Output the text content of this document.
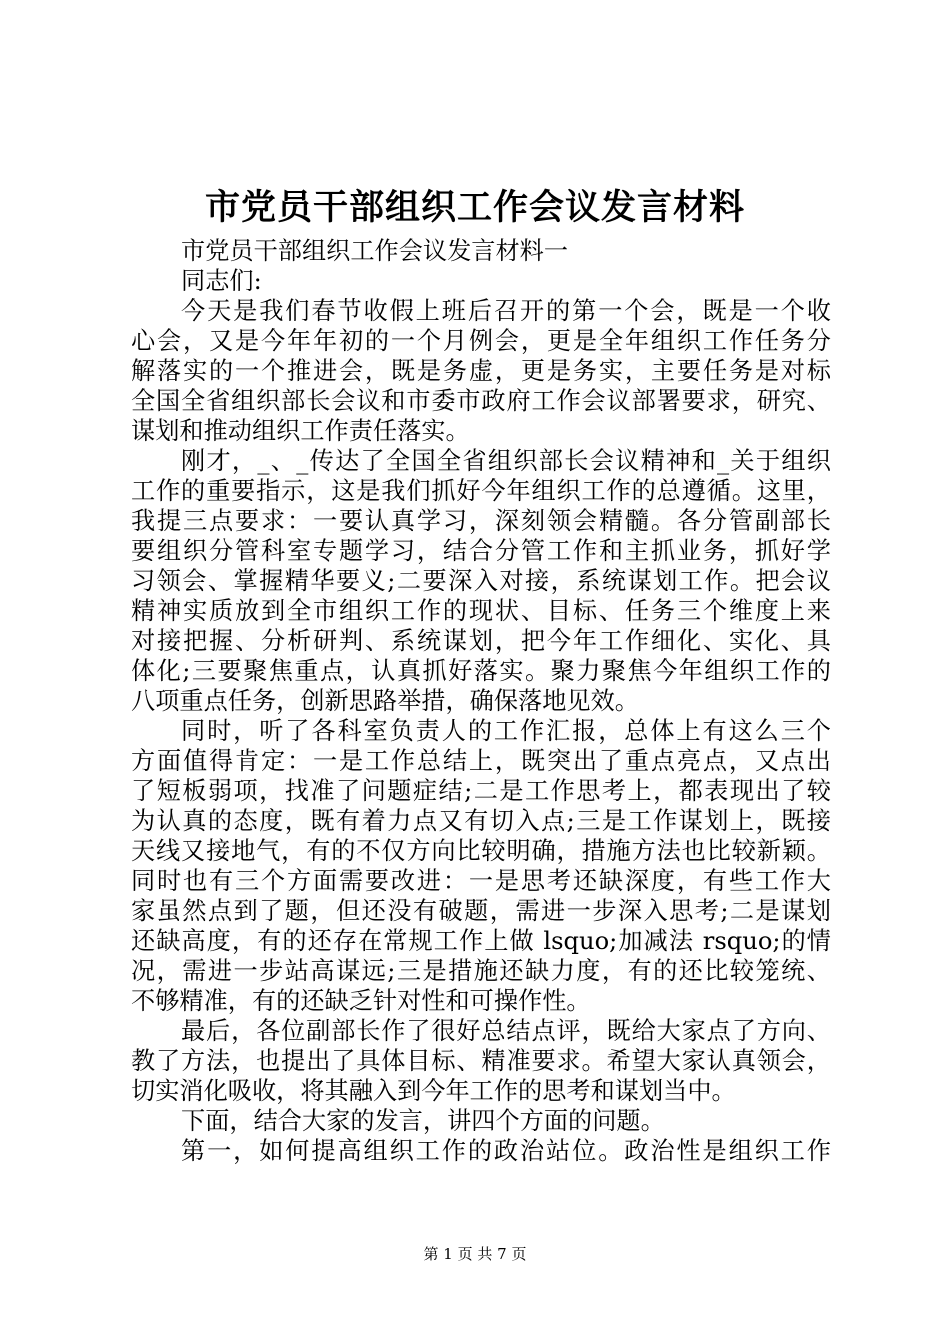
市党员干部组织工作会议发言材料
市党员干部组织工作会议发言材料一
同志们:
今天是我们春节收假上班后召开的第一个会，既是一个收
心会，又是今年年初的一个月例会，更是全年组织工作任务分
解落实的一个推进会，既是务虚，更是务实，主要任务是对标
全国全省组织部长会议和市委市政府工作会议部署要求，研究、
谋划和推动组织工作责任落实。
刚才，_、_传达了全国全省组织部长会议精神和_关于组织
工作的重要指示，这是我们抓好今年组织工作的总遵循。这里，
我提三点要求：一要认真学习，深刻领会精髓。各分管副部长
要组织分管科室专题学习，结合分管工作和主抓业务，抓好学
习领会、掌握精华要义;二要深入对接，系统谋划工作。把会议
精神实质放到全市组织工作的现状、目标、任务三个维度上来
对接把握、分析研判、系统谋划，把今年工作细化、实化、具
体化;三要聚焦重点，认真抓好落实。聚力聚焦今年组织工作的
八项重点任务，创新思路举措，确保落地见效。
同时，听了各科室负责人的工作汇报，总体上有这么三个
方面值得肯定：一是工作总结上，既突出了重点亮点，又点出
了短板弱项，找准了问题症结;二是工作思考上，都表现出了较
为认真的态度，既有着力点又有切入点;三是工作谋划上，既接
天线又接地气，有的不仅方向比较明确，措施方法也比较新颖。
同时也有三个方面需要改进：一是思考还缺深度，有些工作大
家虽然点到了题，但还没有破题，需进一步深入思考;二是谋划
还缺高度，有的还存在常规工作上做 lsquo;加减法 rsquo;的情
况，需进一步站高谋远;三是措施还缺力度，有的还比较笼统、
不够精准，有的还缺乏针对性和可操作性。
最后，各位副部长作了很好总结点评，既给大家点了方向、
教了方法，也提出了具体目标、精准要求。希望大家认真领会，
切实消化吸收，将其融入到今年工作的思考和谋划当中。
下面，结合大家的发言，讲四个方面的问题。
第一，如何提高组织工作的政治站位。政治性是组织工作
第 1 页 共 7 页
